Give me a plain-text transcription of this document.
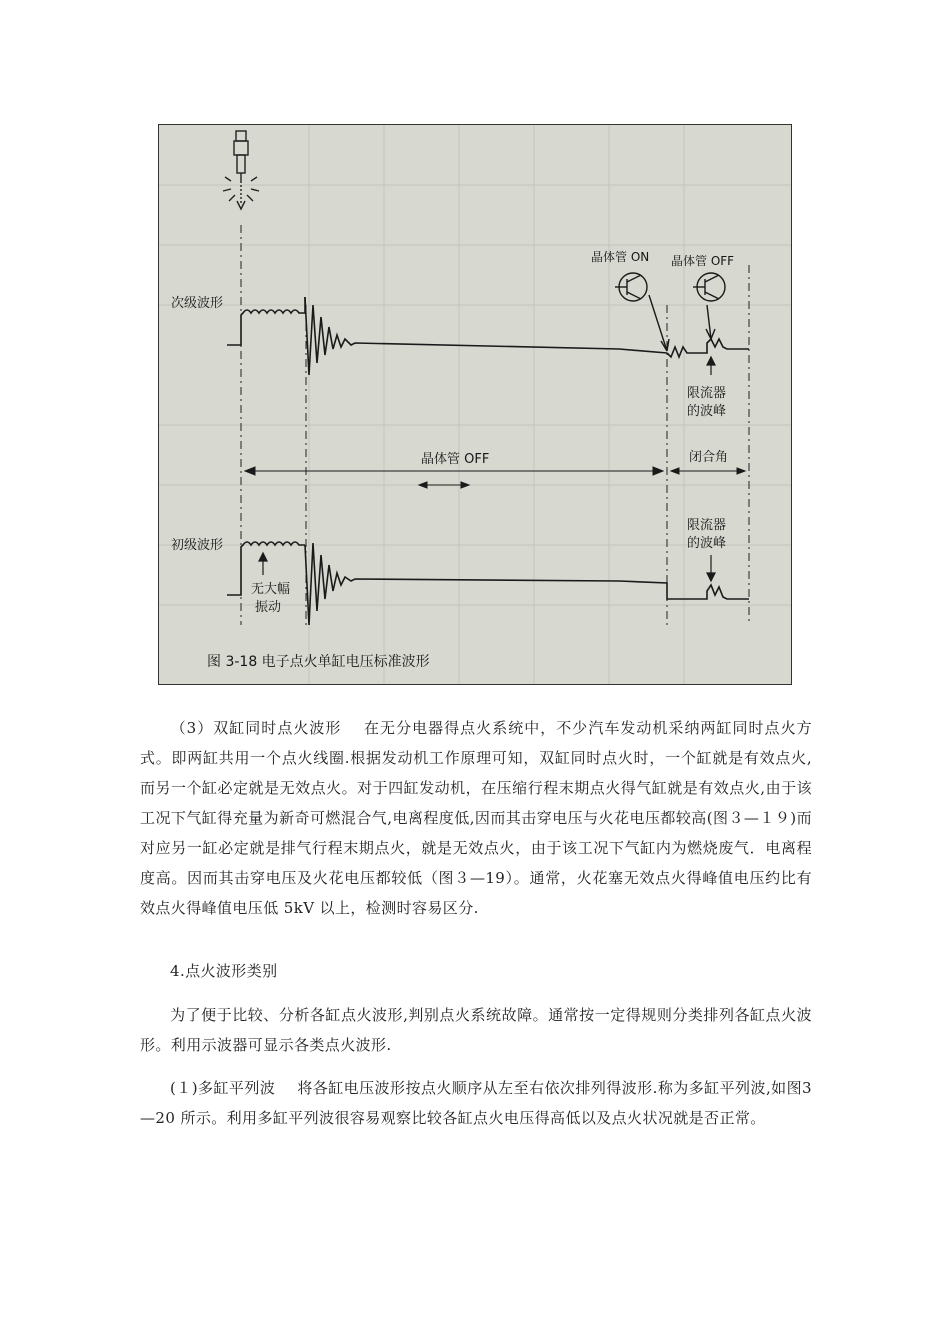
次级波形
初级波形
晶体管 ON 晶体管 OFF
晶体管 OFF	闭合角
限流器
的波峰
限流器
的波峰
无大幅
振动
图 3-18 电子点火单缸电压标准波形

（3）双缸同时点火波形 在无分电器得点火系统中，不少汽车发动机采纳两缸同时点火方式。即两缸共用一个点火线圈.根据发动机工作原理可知，双缸同时点火时，一个缸就是有效点火,而另一个缸必定就是无效点火。对于四缸发动机，在压缩行程末期点火得气缸就是有效点火,由于该工况下气缸得充量为新奇可燃混合气,电离程度低,因而其击穿电压与火花电压都较高(图３—１９)而对应另一缸必定就是排气行程末期点火，就是无效点火，由于该工况下气缸内为燃烧废气．电离程度高。因而其击穿电压及火花电压都较低（图３—19）。通常，火花塞无效点火得峰值电压约比有效点火得峰值电压低 5kV 以上，检测时容易区分.

4.点火波形类别

为了便于比较、分析各缸点火波形,判别点火系统故障。通常按一定得规则分类排列各缸点火波形。利用示波器可显示各类点火波形.

(１)多缸平列波 将各缸电压波形按点火顺序从左至右依次排列得波形.称为多缸平列波,如图3—20 所示。利用多缸平列波很容易观察比较各缸点火电压得高低以及点火状况就是否正常。
